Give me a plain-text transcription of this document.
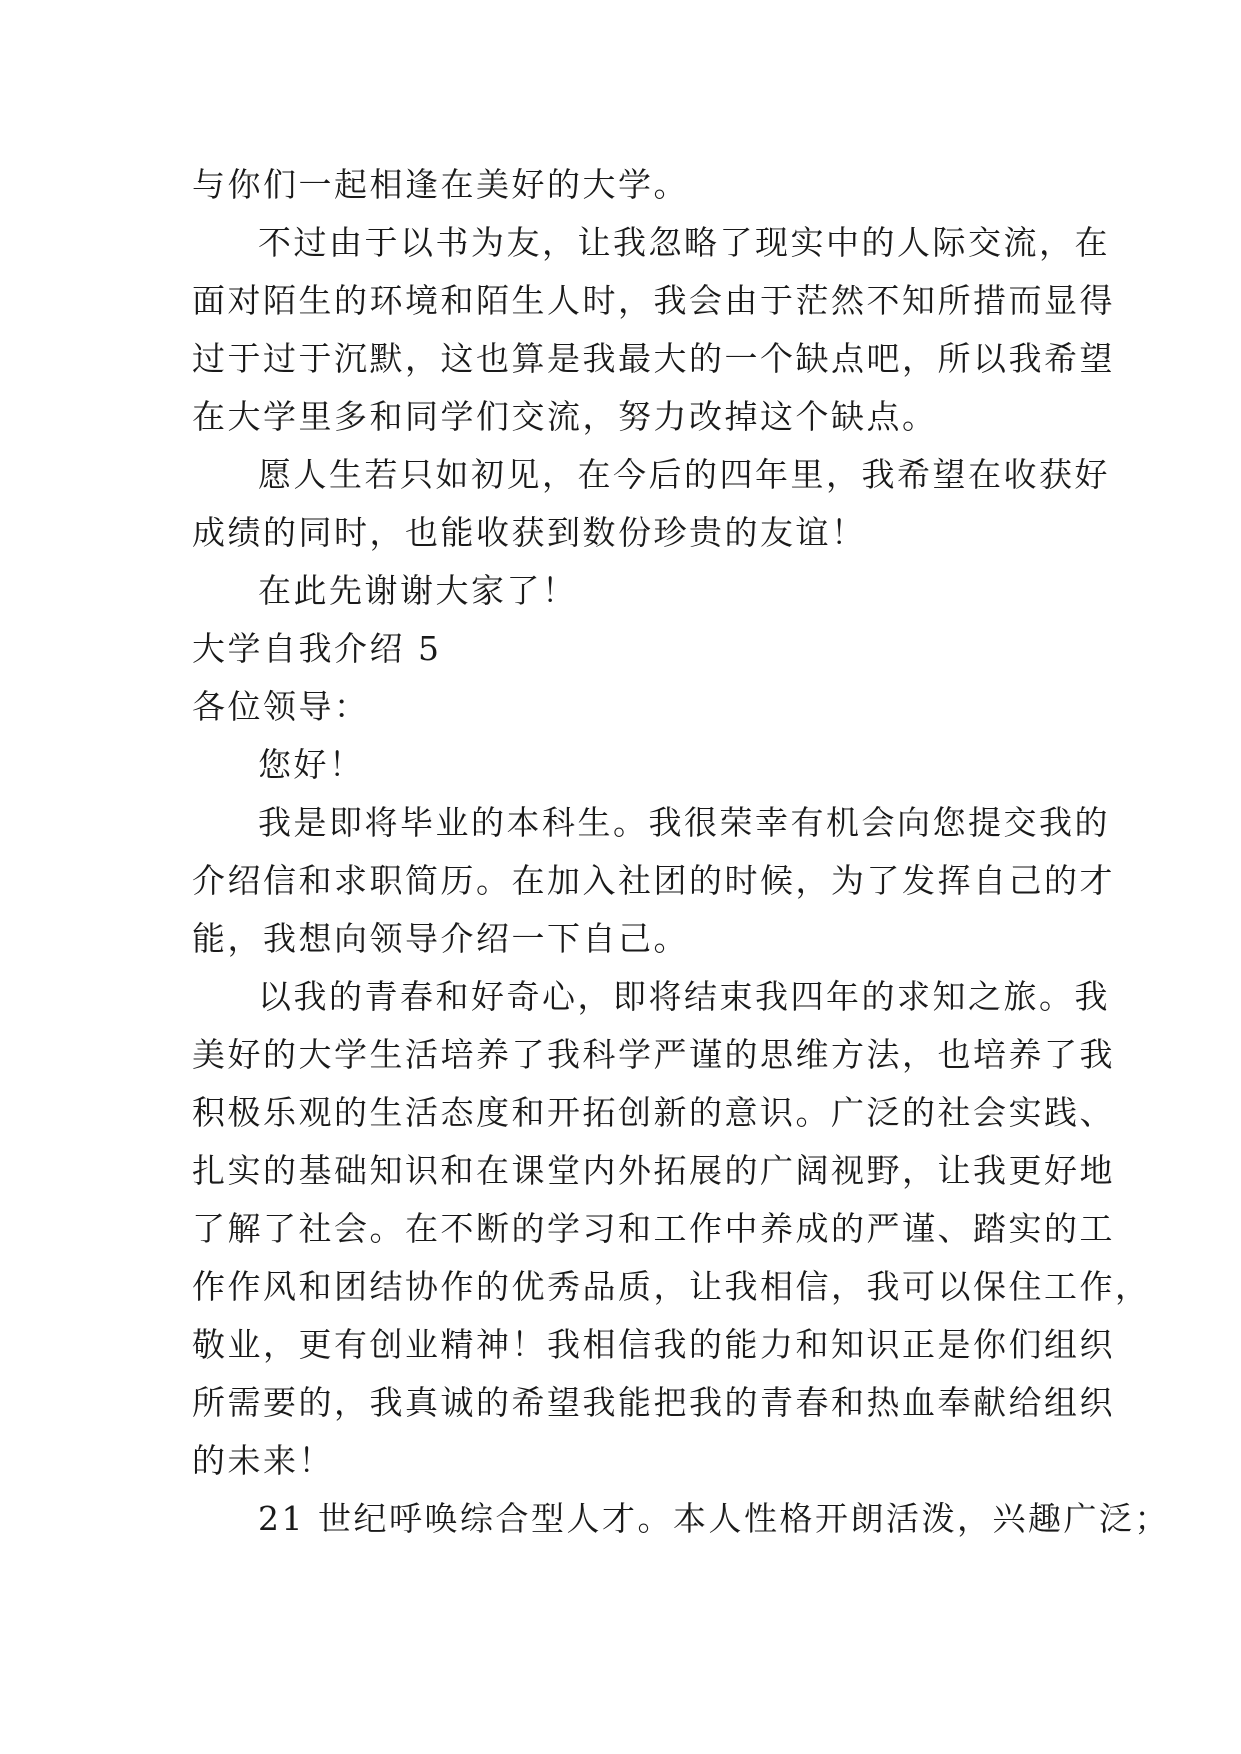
与你们一起相逢在美好的大学。
不过由于以书为友，让我忽略了现实中的人际交流，在
面对陌生的环境和陌生人时，我会由于茫然不知所措而显得
过于过于沉默，这也算是我最大的一个缺点吧，所以我希望
在大学里多和同学们交流，努力改掉这个缺点。
愿人生若只如初见，在今后的四年里，我希望在收获好
成绩的同时，也能收获到数份珍贵的友谊！
在此先谢谢大家了！
大学自我介绍 5
各位领导：
您好！
我是即将毕业的本科生。我很荣幸有机会向您提交我的
介绍信和求职简历。在加入社团的时候，为了发挥自己的才
能，我想向领导介绍一下自己。
以我的青春和好奇心，即将结束我四年的求知之旅。我
美好的大学生活培养了我科学严谨的思维方法，也培养了我
积极乐观的生活态度和开拓创新的意识。广泛的社会实践、
扎实的基础知识和在课堂内外拓展的广阔视野，让我更好地
了解了社会。在不断的学习和工作中养成的严谨、踏实的工
作作风和团结协作的优秀品质，让我相信，我可以保住工作，
敬业，更有创业精神！我相信我的能力和知识正是你们组织
所需要的，我真诚的希望我能把我的青春和热血奉献给组织
的未来！
21 世纪呼唤综合型人才。本人性格开朗活泼，兴趣广泛；
